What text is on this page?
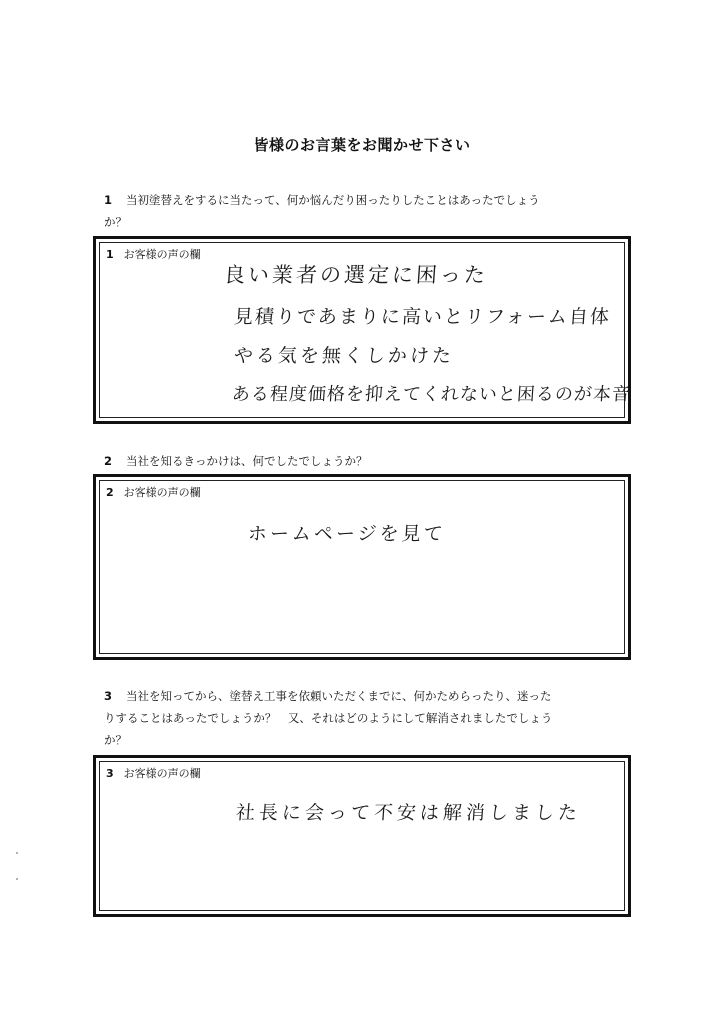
皆様のお言葉をお聞かせ下さい
1 当初塗替えをするに当たって、何か悩んだり困ったりしたことはあったでしょう
か？
1 お客様の声の欄
良い業者の選定に困った
見積りであまりに高いとリフォーム自体
やる気を無くしかけた
ある程度価格を抑えてくれないと困るのが本音
2 当社を知るきっかけは、何でしたでしょうか？
2 お客様の声の欄
ホームページを見て
3 当社を知ってから、塗替え工事を依頼いただくまでに、何かためらったり、迷った
りすることはあったでしょうか？　又、それはどのようにして解消されましたでしょう
か？
3 お客様の声の欄
社長に会って不安は解消しました
